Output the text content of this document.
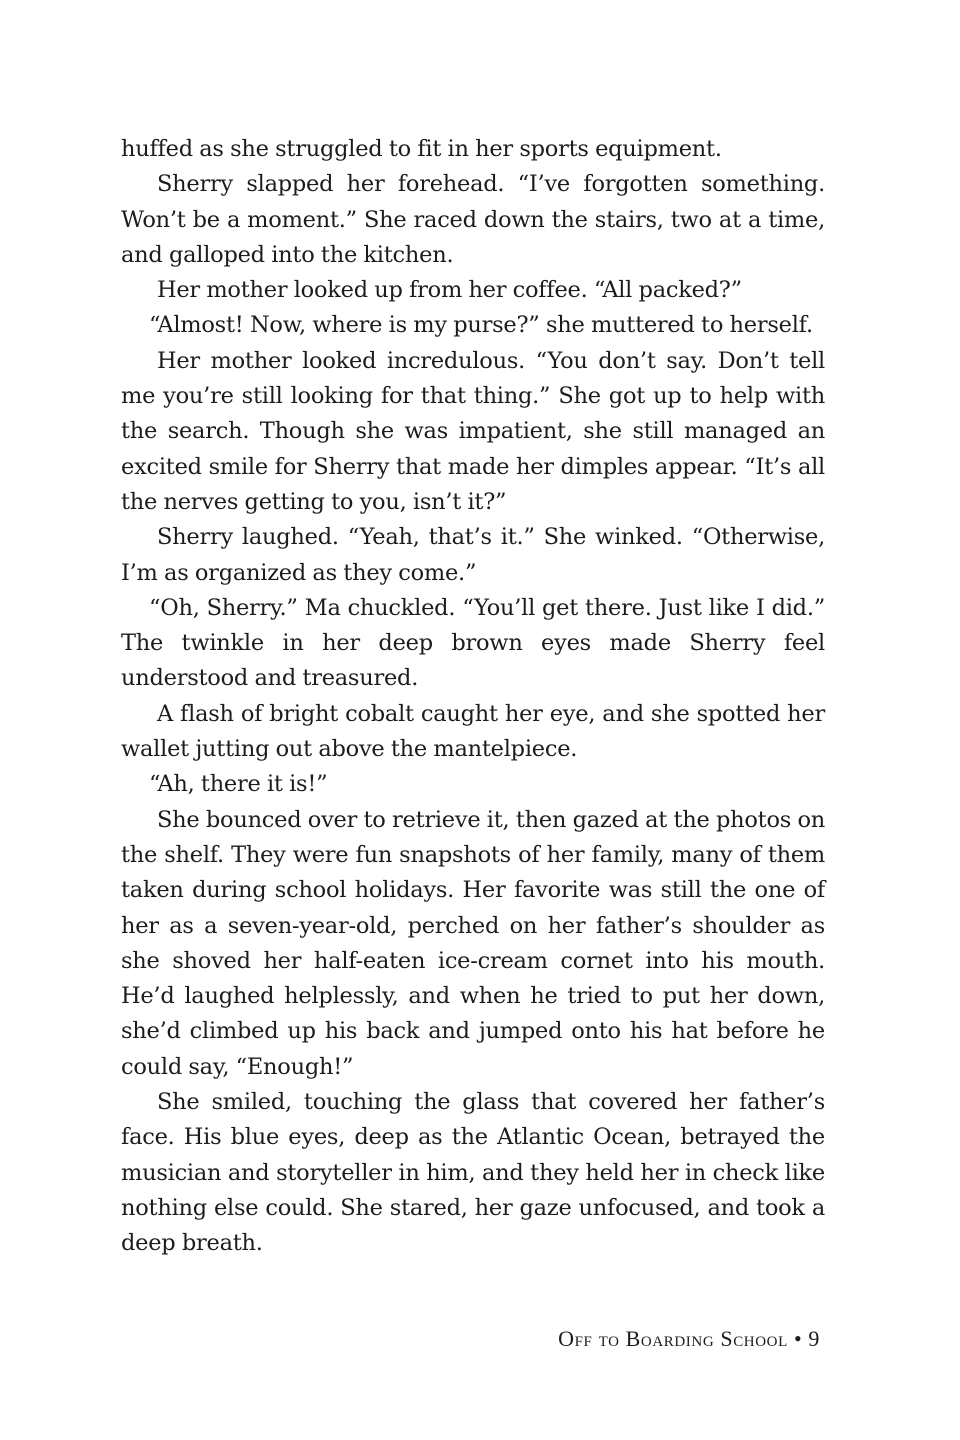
huffed as she struggled to fit in her sports equipment.

Sherry slapped her forehead. “I’ve forgotten something. Won’t be a moment.” She raced down the stairs, two at a time, and galloped into the kitchen.

Her mother looked up from her coffee. “All packed?”

“Almost! Now, where is my purse?” she muttered to herself.

Her mother looked incredulous. “You don’t say. Don’t tell me you’re still looking for that thing.” She got up to help with the search. Though she was impatient, she still managed an excited smile for Sherry that made her dimples appear. “It’s all the nerves getting to you, isn’t it?”

Sherry laughed. “Yeah, that’s it.” She winked. “Otherwise, I’m as organized as they come.”

“Oh, Sherry.” Ma chuckled. “You’ll get there. Just like I did.” The twinkle in her deep brown eyes made Sherry feel understood and treasured.

A flash of bright cobalt caught her eye, and she spotted her wallet jutting out above the mantelpiece.

“Ah, there it is!”

She bounced over to retrieve it, then gazed at the photos on the shelf. They were fun snapshots of her family, many of them taken during school holidays. Her favorite was still the one of her as a seven-year-old, perched on her father’s shoulder as she shoved her half-eaten ice-cream cornet into his mouth. He’d laughed helplessly, and when he tried to put her down, she’d climbed up his back and jumped onto his hat before he could say, “Enough!”

She smiled, touching the glass that covered her father’s face. His blue eyes, deep as the Atlantic Ocean, betrayed the musician and storyteller in him, and they held her in check like nothing else could. She stared, her gaze unfocused, and took a deep breath.

Off to Boarding School • 9
